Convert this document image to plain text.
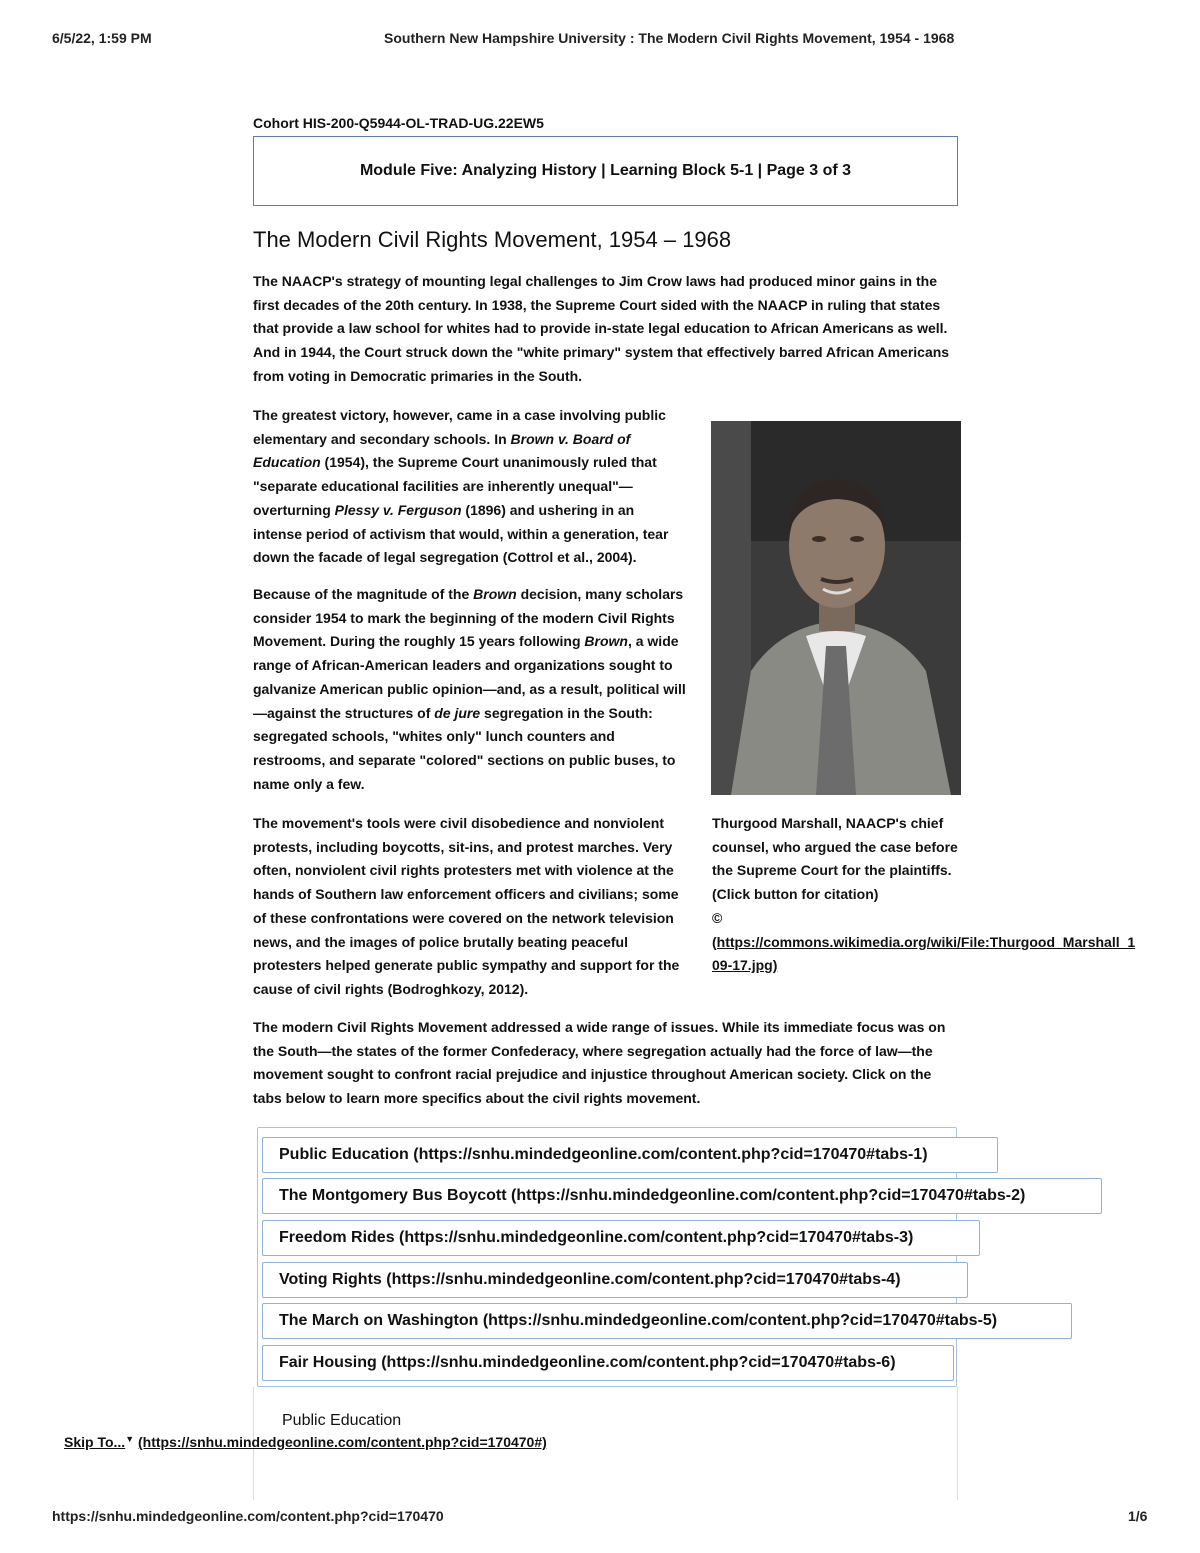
6/5/22, 1:59 PM	Southern New Hampshire University : The Modern Civil Rights Movement, 1954 - 1968
Cohort HIS-200-Q5944-OL-TRAD-UG.22EW5
Module Five: Analyzing History | Learning Block 5-1 | Page 3 of 3
The Modern Civil Rights Movement, 1954 – 1968
The NAACP's strategy of mounting legal challenges to Jim Crow laws had produced minor gains in the first decades of the 20th century. In 1938, the Supreme Court sided with the NAACP in ruling that states that provide a law school for whites had to provide in-state legal education to African Americans as well. And in 1944, the Court struck down the "white primary" system that effectively barred African Americans from voting in Democratic primaries in the South.
The greatest victory, however, came in a case involving public elementary and secondary schools. In Brown v. Board of Education (1954), the Supreme Court unanimously ruled that "separate educational facilities are inherently unequal"—overturning Plessy v. Ferguson (1896) and ushering in an intense period of activism that would, within a generation, tear down the facade of legal segregation (Cottrol et al., 2004).
Because of the magnitude of the Brown decision, many scholars consider 1954 to mark the beginning of the modern Civil Rights Movement. During the roughly 15 years following Brown, a wide range of African-American leaders and organizations sought to galvanize American public opinion—and, as a result, political will—against the structures of de jure segregation in the South: segregated schools, "whites only" lunch counters and restrooms, and separate "colored" sections on public buses, to name only a few.
The movement's tools were civil disobedience and nonviolent protests, including boycotts, sit-ins, and protest marches. Very often, nonviolent civil rights protesters met with violence at the hands of Southern law enforcement officers and civilians; some of these confrontations were covered on the network television news, and the images of police brutally beating peaceful protesters helped generate public sympathy and support for the cause of civil rights (Bodroghkozy, 2012).
Thurgood Marshall, NAACP's chief counsel, who argued the case before the Supreme Court for the plaintiffs. (Click button for citation)
©
(https://commons.wikimedia.org/wiki/File:Thurgood_Marshall_1 09-17.jpg)
The modern Civil Rights Movement addressed a wide range of issues. While its immediate focus was on the South—the states of the former Confederacy, where segregation actually had the force of law—the movement sought to confront racial prejudice and injustice throughout American society. Click on the tabs below to learn more specifics about the civil rights movement.
Public Education (https://snhu.mindedgeonline.com/content.php?cid=170470#tabs-1)
The Montgomery Bus Boycott (https://snhu.mindedgeonline.com/content.php?cid=170470#tabs-2)
Freedom Rides (https://snhu.mindedgeonline.com/content.php?cid=170470#tabs-3)
Voting Rights (https://snhu.mindedgeonline.com/content.php?cid=170470#tabs-4)
The March on Washington (https://snhu.mindedgeonline.com/content.php?cid=170470#tabs-5)
Fair Housing (https://snhu.mindedgeonline.com/content.php?cid=170470#tabs-6)
Public Education
Skip To...▼ (https://snhu.mindedgeonline.com/content.php?cid=170470#)
https://snhu.mindedgeonline.com/content.php?cid=170470	1/6
